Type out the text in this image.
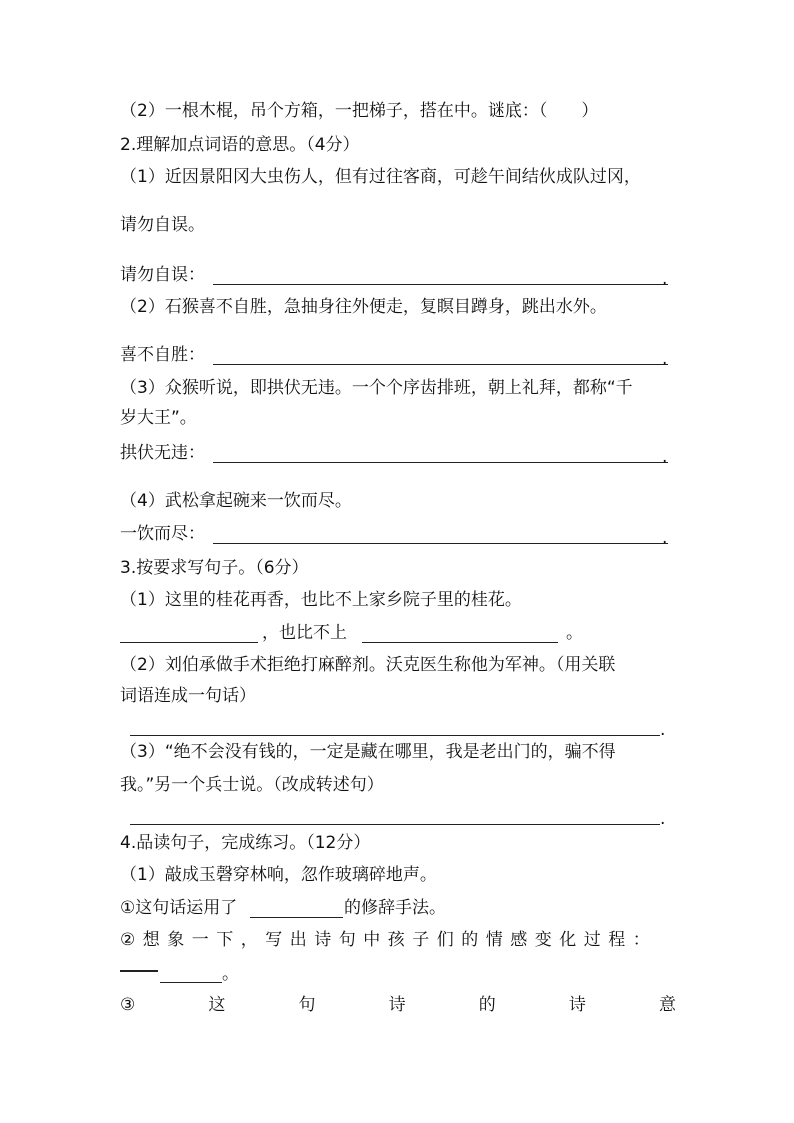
（2）一根木棍，吊个方箱，一把梯子，搭在中。谜底：（　　）
2.理解加点词语的意思。（4分）
（1）近因景阳冈大虫伤人，但有过往客商，可趁午间结伙成队过冈，
请勿自误。
请勿自误：	.
（2）石猴喜不自胜，急抽身往外便走，复瞑目蹲身，跳出水外。
喜不自胜：	.
（3）众猴听说，即拱伏无违。一个个序齿排班，朝上礼拜，都称“千
岁大王”。
拱伏无违：	.
（4）武松拿起碗来一饮而尽。
一饮而尽：	.
3.按要求写句子。（6分）
（1）这里的桂花再香，也比不上家乡院子里的桂花。
，也比不上	。
（2）刘伯承做手术拒绝打麻醉剂。沃克医生称他为军神。（用关联
词语连成一句话）
.
（3）“绝不会没有钱的，一定是藏在哪里，我是老出门的，骗不得
我。”另一个兵士说。（改成转述句）
.
4.品读句子，完成练习。（12分）
（1）敲成玉磬穿林响，忽作玻璃碎地声。
①这句话运用了	的修辞手法。
②想象一下，写出诗句中孩子们的情感变化过程：
。
③	这	句	诗	的	诗	意
